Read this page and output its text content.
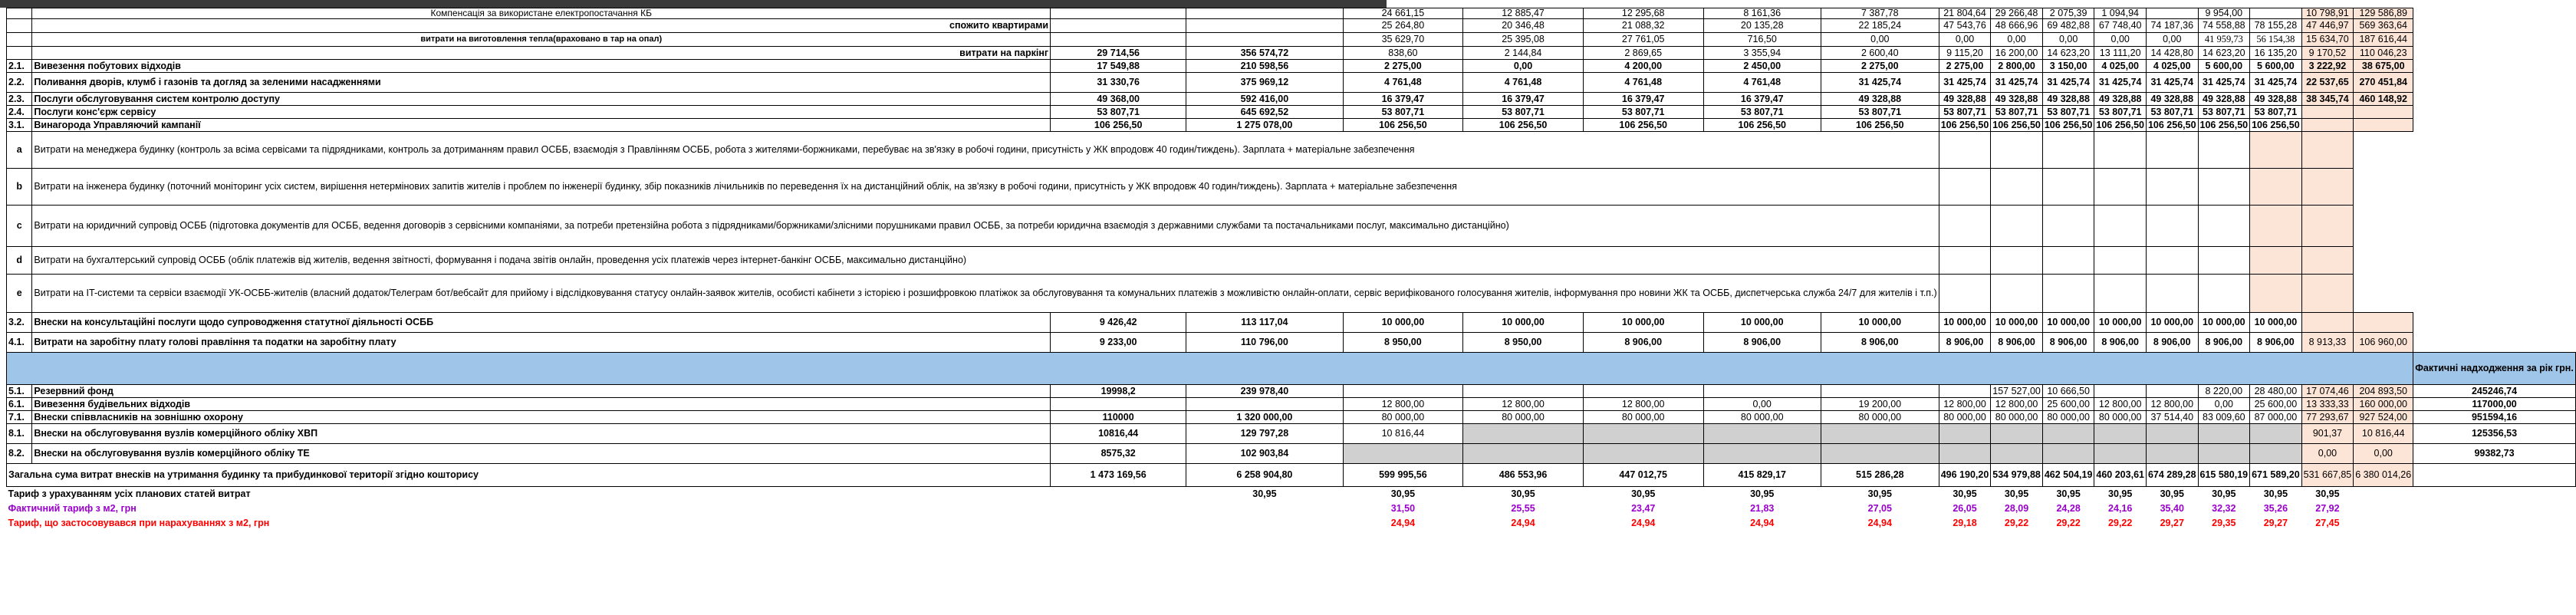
	Компенсація за використане електропостачання КБ			24 661,15	12 885,47	12 295,68	8 161,36	7 387,78	21 804,64	29 266,48	2 075,39	1 094,94		9 954,00		10 798,91	129 586,89	
	спожито квартирами			25 264,80	20 346,48	21 088,32	20 135,28	22 185,24	47 543,76	48 666,96	69 482,88	67 748,40	74 187,36	74 558,88	78 155,28	47 446,97	569 363,64	
	витрати на виготовлення тепла(враховано в тар на опал)			35 629,70	25 395,08	27 761,05	716,50	0,00	0,00	0,00	0,00	0,00	0,00	41 959,73	56 154,38	15 634,70	187 616,44	
	витрати на паркінг	29 714,56	356 574,72	838,60	2 144,84	2 869,65	3 355,94	2 600,40	9 115,20	16 200,00	14 623,20	13 111,20	14 428,80	14 623,20	16 135,20	9 170,52	110 046,23	
2.1.	Вивезення побутових відходів	17 549,88	210 598,56	2 275,00	0,00	4 200,00	2 450,00	2 275,00	2 275,00	2 800,00	3 150,00	4 025,00	4 025,00	5 600,00	5 600,00	3 222,92	38 675,00	
2.2.	Поливання дворів, клумб і газонів та догляд за зеленими насадженнями	31 330,76	375 969,12	4 761,48	4 761,48	4 761,48	4 761,48	31 425,74	31 425,74	31 425,74	31 425,74	31 425,74	31 425,74	31 425,74	31 425,74	22 537,65	270 451,84	
2.3.	Послуги обслуговування систем контролю доступу	49 368,00	592 416,00	16 379,47	16 379,47	16 379,47	16 379,47	49 328,88	49 328,88	49 328,88	49 328,88	49 328,88	49 328,88	49 328,88	49 328,88	38 345,74	460 148,92	
2.4.	Послуги конс'єрж сервісу	53 807,71	645 692,52	53 807,71	53 807,71	53 807,71	53 807,71	53 807,71	53 807,71	53 807,71	53 807,71	53 807,71	53 807,71	53 807,71	53 807,71			
3.1.	Винагорода Управляючий кампанії	106 256,50	1 275 078,00	106 256,50	106 256,50	106 256,50	106 256,50	106 256,50	106 256,50	106 256,50	106 256,50	106 256,50	106 256,50	106 256,50	106 256,50			
a	Витрати на менеджера будинку (контроль за всіма сервісами та підрядниками, контроль за дотриманням правил ОСББ, взаємодія з Правлінням ОСББ, робота з жителями-боржниками, перебуває на зв'язку в робочі години, присутність у ЖК впродовж 40 годин/тиждень). Зарплата + матеріальне забезпечення																	
b	Витрати на інженера будинку (поточний моніторинг усіх систем, вирішення нетермінових запитів жителів і проблем по інженерії будинку, збір показників лічильників по переведення їх на дистанційний облік, на зв'язку в робочі години, присутність у ЖК впродовж 40 годин/тиждень). Зарплата + матеріальне забезпечення																	
c	Витрати на юридичний супровід ОСББ (підготовка документів для ОСББ, ведення договорів з сервісними компаніями, за потреби претензійна робота з підрядниками/боржниками/злісними порушниками правил ОСББ, за потреби юридична взаємодія з державними службами та постачальниками послуг, максимально дистанційно)																	
d	Витрати на бухгалтерський супровід ОСББ (облік платежів від жителів, ведення звітності, формування і подача звітів онлайн, проведення усіх платежів через інтернет-банкінг ОСББ, максимально дистанційно)																	
e	Витрати на IT-системи та сервіси взаємодії УК-ОСББ-жителів (власний додаток/Телеграм бот/вебсайт для прийому і відслідковування статусу онлайн-заявок жителів, особисті кабінети з історією і розшифровкою платіжок за обслуговування та комунальних платежів з можливістю онлайн-оплати, сервіс верифікованого голосування жителів, інформування про новини ЖК та ОСББ, диспетчерська служба 24/7 для жителів і т.п.)																	
3.2.	Внески на консультаційні послуги щодо супроводження статутної діяльності ОСББ	9 426,42	113 117,04	10 000,00	10 000,00	10 000,00	10 000,00	10 000,00	10 000,00	10 000,00	10 000,00	10 000,00	10 000,00	10 000,00	10 000,00			
4.1.	Витрати на заробітну плату голові правління та податки на заробітну плату	9 233,00	110 796,00	8 950,00	8 950,00	8 906,00	8 906,00	8 906,00	8 906,00	8 906,00	8 906,00	8 906,00	8 906,00	8 906,00	8 906,00	8 913,33	106 960,00	
																		Фактичні надходження за рік грн.
5.1.	Резервний фонд	19998,2	239 978,40							157 527,00	10 666,50			8 220,00	28 480,00	17 074,46	204 893,50	245246,74
6.1.	Вивезення будівельних відходів			12 800,00	12 800,00	12 800,00	0,00	19 200,00	12 800,00	12 800,00	25 600,00	12 800,00	12 800,00	0,00	25 600,00	13 333,33	160 000,00	117000,00
7.1.	Внески співвласників на зовнішню охорону	110000	1 320 000,00	80 000,00	80 000,00	80 000,00	80 000,00	80 000,00	80 000,00	80 000,00	80 000,00	80 000,00	37 514,40	83 009,60	87 000,00	77 293,67	927 524,00	951594,16
8.1.	Внески на обслуговування вузлів комерційного обліку ХВП	10816,44	129 797,28	10 816,44												901,37	10 816,44	125356,53
8.2.	Внески на обслуговування вузлів комерційного обліку ТЕ	8575,32	102 903,84													0,00	0,00	99382,73
Загальна сума витрат внесків на утримання будинку та прибудинкової території згідно кошторису		1 473 169,56	6 258 904,80	599 995,56	486 553,96	447 012,75	415 829,17	515 286,28	496 190,20	534 979,88	462 504,19	460 203,61	674 289,28	615 580,19	671 589,20	531 667,85	6 380 014,26	
Тариф з урахуванням усіх планових статей витрат			30,95	30,95	30,95	30,95	30,95	30,95	30,95	30,95	30,95	30,95	30,95	30,95	30,95	30,95		
Фактичний тариф з м2, грн				31,50	25,55	23,47	21,83	27,05	26,05	28,09	24,28	24,16	35,40	32,32	35,26	27,92		
Тариф, що застосовувався при нарахуваннях з м2, грн				24,94	24,94	24,94	24,94	24,94	29,18	29,22	29,22	29,22	29,27	29,35	29,27	27,45		
